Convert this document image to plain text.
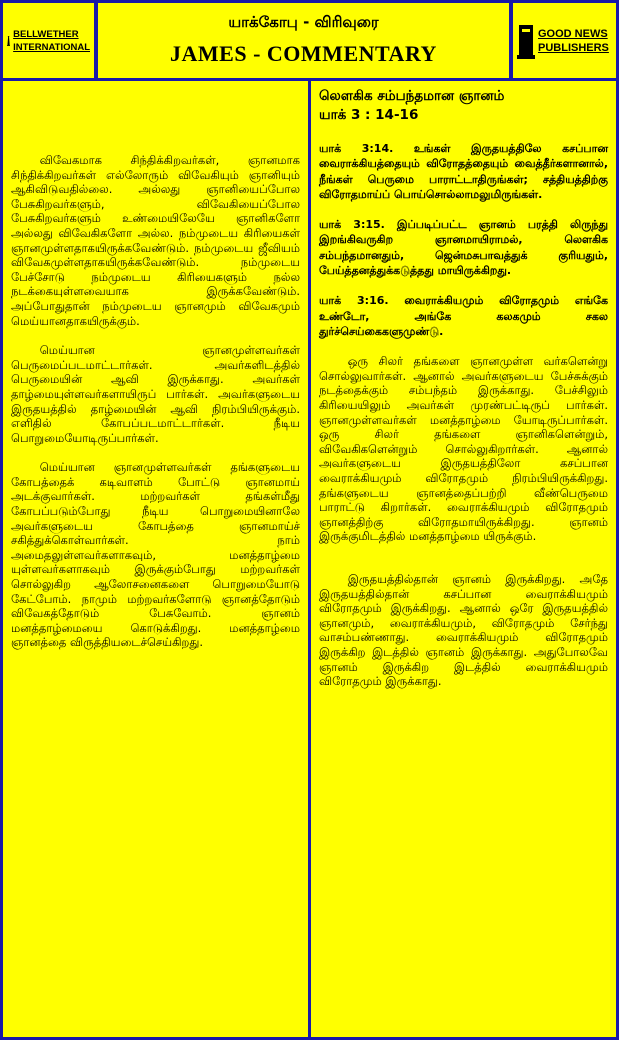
BELLWETHER
INTERNATIONAL
யாக்கோபு - விரிவுரை
JAMES - COMMENTARY
GOOD NEWS
PUBLISHERS

விவேகமாக சிந்திக்கிறவர்கள், ஞானமாக சிந்திக்கிறவர்கள் எல்லோரும் விவேகியும் ஞானியும் ஆகிவிடுவதில்லை. அல்லது ஞானியைப்போல பேசுகிறவர்களும், விவேகியைப்போல பேசுகிறவர்களும் உண்மையிலேயே ஞானிகளோ அல்லது விவேகிகளோ அல்ல. நம்முடைய கிரியைகள் ஞானமுள்ளதாகயிருக்கவேண்டும். நம்முடைய ஜீவியம் விவேகமுள்ளதாகயிருக்கவேண்டும். நம்முடைய பேச்சோடு நம்முடைய கிரியைகளும் நல்ல நடக்கையுள்ளவையாக இருக்கவேண்டும். அப்போதுதான் நம்முடைய ஞானமும் விவேகமும் மெய்யானதாகயிருக்கும்.

மெய்யான ஞானமுள்ளவர்கள் பெருமைப்படமாட்டார்கள். அவர்களிடத்தில் பெருமையின் ஆவி இருக்காது. அவர்கள் தாழ்மையுள்ளவர்களாயிருப் பார்கள். அவர்களுடைய இருதயத்தில் தாழ்மையின் ஆவி நிரம்பியிருக்கும். எளிதில் கோபப்படமாட்டார்கள். நீடிய பொறுமையோடிருப்பார்கள்.

மெய்யான ஞானமுள்ளவர்கள் தங்களுடைய கோபத்தைக் கடிவாளம் போட்டு ஞானமாய் அடக்குவார்கள். மற்றவர்கள் தங்கள்மீது கோபப்படும்போது நீடிய பொறுமையினாலே அவர்களுடைய கோபத்தை ஞானமாய்ச் சகித்துக்கொள்வார்கள். நாம் அமைதலுள்ளவர்களாகவும், மனத்தாழ்மை யுள்ளவர்களாகவும் இருக்கும்போது மற்றவர்கள் சொல்லுகிற ஆலோசனைகளை பொறுமையோடு கேட்போம். நாமும் மற்றவர்களோடு ஞானத்தோடும் விவேகத்தோடும் பேசுவோம். ஞானம் மனத்தாழ்மையை கொடுக்கிறது. மனத்தாழ்மை ஞானத்தை விருத்தியடைச்செய்கிறது.

லௌகிக சம்பந்தமான ஞானம்
யாக் 3 : 14-16

யாக் 3:14. உங்கள் இருதயத்திலே கசப்பான வைராக்கியத்தையும் விரோதத்தையும் வைத்தீர்களானால், நீங்கள் பெருமை பாராட்டாதிருங்கள்; சத்தியத்திற்கு விரோதமாய்ப் பொய்சொல்லாமலுமிருங்கள்.

யாக் 3:15. இப்படிப்பட்ட ஞானம் பரத்தி லிருந்து இறங்கிவருகிற ஞானமாயிராமல், லௌகிக சம்பந்தமானதும், ஜென்மசுபாவத்துக் குரியதும், பேய்த்தனத்துக்கடுத்தது மாயிருக்கிறது.

யாக் 3:16. வைராக்கியமும் விரோதமும் எங்கே உண்டோ, அங்கே கலகமும் சகல துர்ச்செய்கைகளுமுண்டு.

ஒரு சிலர் தங்களை ஞானமுள்ள வர்களென்று சொல்லுவார்கள். ஆனால் அவர்களுடைய பேச்சுக்கும் நடத்தைக்கும் சம்பந்தம் இருக்காது. பேச்சிலும் கிரியையிலும் அவர்கள் முரண்பட்டிருப் பார்கள். ஞானமுள்ளவர்கள் மனத்தாழ்மை யோடிருப்பார்கள். ஒரு சிலர் தங்களை ஞானிகளென்றும், விவேகிகளென்றும் சொல்லுகிறார்கள். ஆனால் அவர்களுடைய இருதயத்திலோ கசப்பான வைராக்கியமும் விரோதமும் நிரம்பியிருக்கிறது. தங்களுடைய ஞானத்தைப்பற்றி வீண்பெருமை பாராட்டு கிறார்கள். வைராக்கியமும் விரோதமும் ஞானத்திற்கு விரோதமாயிருக்கிறது. ஞானம் இருக்குமிடத்தில் மனத்தாழ்மை யிருக்கும்.

இருதயத்தில்தான் ஞானம் இருக்கிறது. அதே இருதயத்தில்தான் கசப்பான வைராக்கியமும் விரோதமும் இருக்கிறது. ஆனால் ஒரே இருதயத்தில் ஞானமும், வைராக்கியமும், விரோதமும் சேர்ந்து வாசம்பண்ணாது. வைராக்கியமும் விரோதமும் இருக்கிற இடத்தில் ஞானம் இருக்காது. அதுபோலவே ஞானம் இருக்கிற இடத்தில் வைராக்கியமும் விரோதமும் இருக்காது.
